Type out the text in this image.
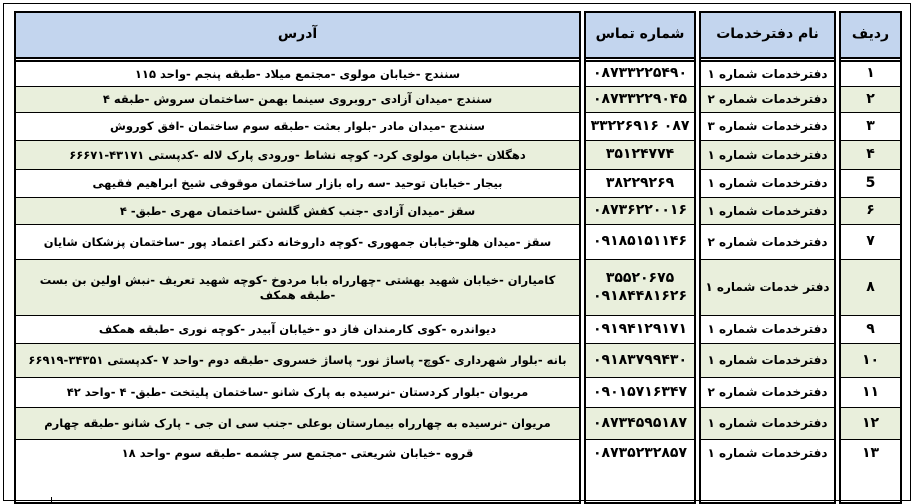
آدرس
سنندج -خیابان مولوی -مجتمع میلاد -طبقه پنجم -واحد ۱۱۵
سنندج -میدان آزادی -روبروی سینما بهمن -ساختمان سروش -طبقه ۴
سنندج -میدان مادر -بلوار بعثت -طبقه سوم ساختمان -افق کوروش
دهگلان -خیابان مولوی کرد- کوچه نشاط -ورودی پارک لاله -کدپستی ۴۳۱۷۱-۶۶۶۷۱
بیجار -خیابان توحید -سه راه بازار ساختمان موقوفی شیخ ابراهیم فقیهی
سقز -میدان آزادی -جنب کفش گلشن -ساختمان مهری -طبق- ۴
سقز -میدان هلو-خیابان جمهوری -کوچه داروخانه دکتر اعتماد پور -ساختمان پزشکان شایان
کامیاران -خیابان شهید بهشتی -چهارراه بابا مردوخ -کوچه شهید تعریف -نبش اولین بن بست -طبقه همکف
دیواندره -کوی کارمندان فاز دو -خیابان آبیدر -کوچه نوری -طبقه همکف
بانه -بلوار شهرداری -کوچ- پاساژ نور- پاساژ خسروی -طبقه دوم -واحد ۷ -کدپستی ۳۴۳۵۱-۶۶۹۱۹
مریوان -بلوار کردستان -نرسیده به پارک شانو -ساختمان پلیتخت -طبق- ۴ -واحد ۴۲
مریوان -نرسیده به چهارراه بیمارستان بوعلی -جنب سی ان جی - پارک شانو -طبقه چهارم
قروه -خیابان شریعتی -مجتمع سر چشمه -طبقه سوم -واحد ۱۸
شماره تماس
۰۸۷۳۳۲۲۵۴۹۰
۰۸۷۳۳۲۲۹۰۴۵
۰۸۷ ۳۳۲۲۶۹۱۶
۳۵۱۲۴۷۷۴
۳۸۲۲۹۲۶۹
۰۸۷۳۶۲۲۰۰۱۶
۰۹۱۸۵۱۵۱۱۴۶
۳۵۵۲۰۶۷۵
۰۹۱۸۴۴۸۱۶۲۶
۰۹۱۹۴۱۲۹۱۷۱
۰۹۱۸۳۷۹۹۴۳۰
۰۹۰۱۵۷۱۶۳۴۷
۰۸۷۳۴۵۹۵۱۸۷
۰۸۷۳۵۲۳۲۸۵۷
نام دفترخدمات
دفترخدمات شماره ۱
دفترخدمات شماره ۲
دفترخدمات شماره ۳
دفترخدمات شماره ۱
دفترخدمات شماره ۱
دفترخدمات شماره ۱
دفترخدمات شماره ۲
دفتر خدمات شماره ۱
دفترخدمات شماره ۱
دفترخدمات شماره ۱
دفترخدمات شماره ۲
دفترخدمات شماره ۱
دفترخدمات شماره ۱
ردیف
۱
۲
۳
۴
5
۶
۷
۸
۹
۱۰
۱۱
۱۲
۱۳
